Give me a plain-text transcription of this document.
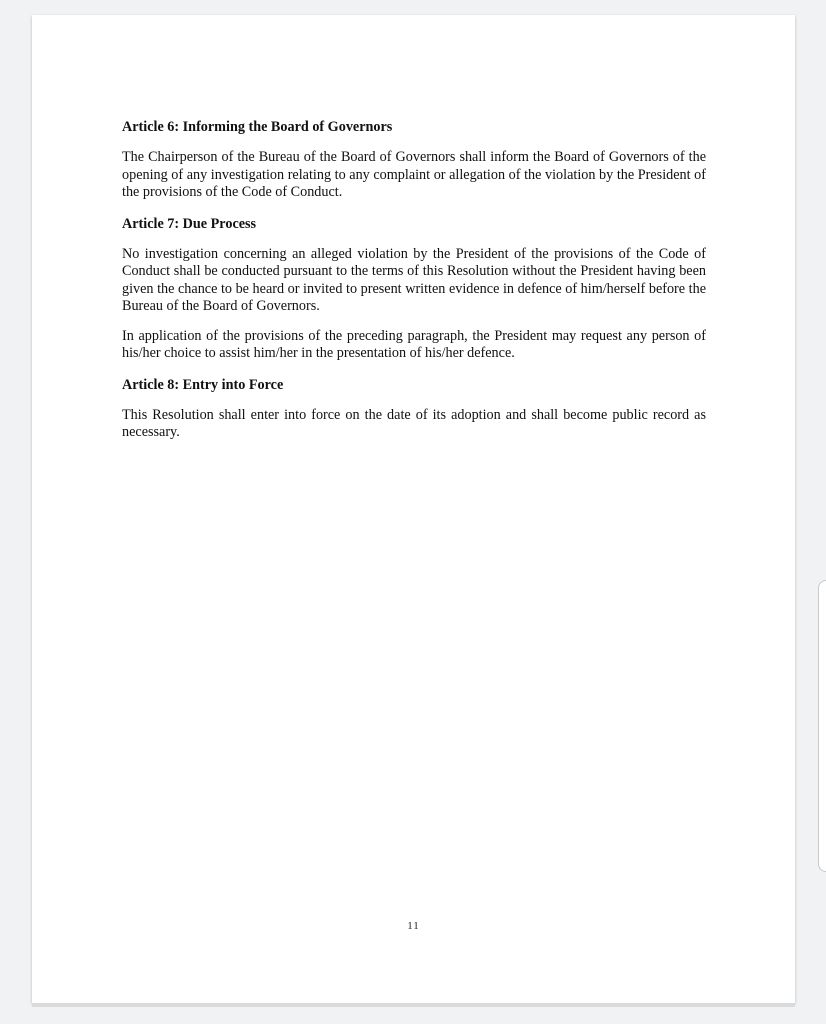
Article 6: Informing the Board of Governors

The Chairperson of the Bureau of the Board of Governors shall inform the Board of Governors of the opening of any investigation relating to any complaint or allegation of the violation by the President of the provisions of the Code of Conduct.

Article 7: Due Process

No investigation concerning an alleged violation by the President of the provisions of the Code of Conduct shall be conducted pursuant to the terms of this Resolution without the President having been given the chance to be heard or invited to present written evidence in defence of him/herself before the Bureau of the Board of Governors.

In application of the provisions of the preceding paragraph, the President may request any person of his/her choice to assist him/her in the presentation of his/her defence.

Article 8: Entry into Force

This Resolution shall enter into force on the date of its adoption and shall become public record as necessary.

11
